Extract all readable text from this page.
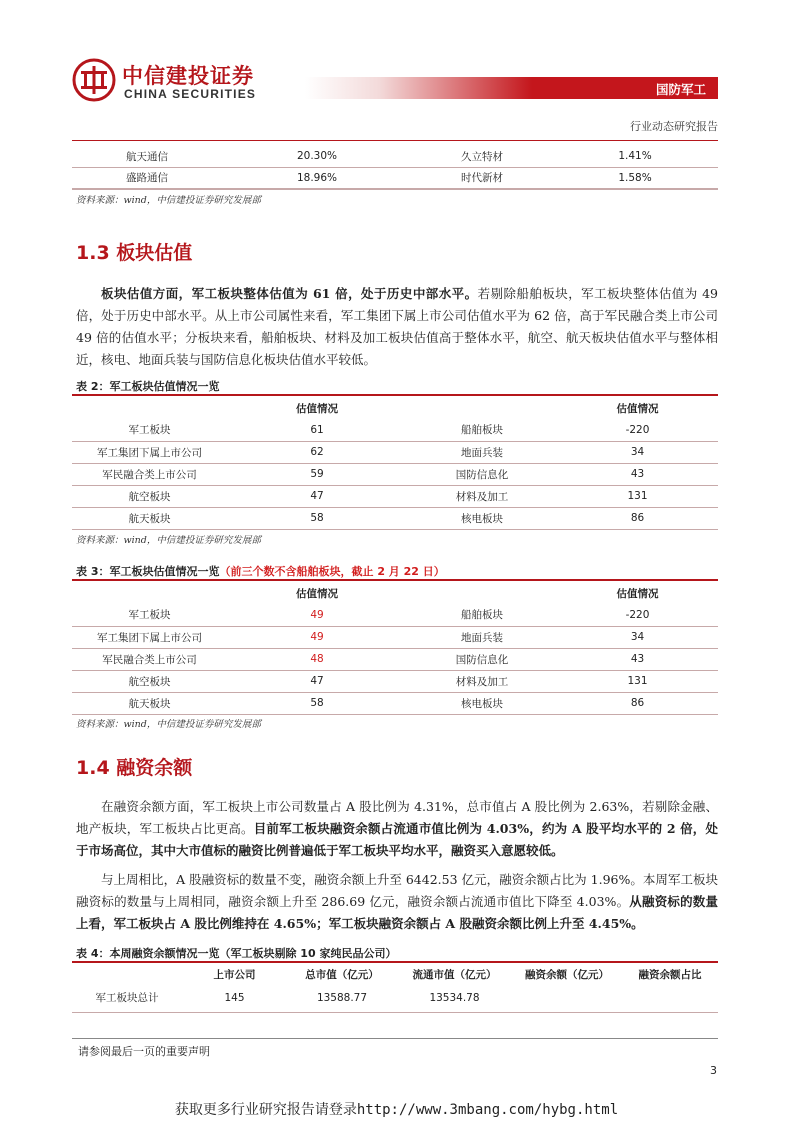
中信建投证券
CHINA SECURITIES	国防军工
行业动态研究报告
航天通信	20.30%	久立特材	1.41%
盛路通信	18.96%	时代新材	1.58%
资料来源：wind，中信建投证券研究发展部
1.3 板块估值
板块估值方面，军工板块整体估值为 61 倍，处于历史中部水平。若剔除船舶板块，军工板块整体估值为 49 倍，处于历史中部水平。从上市公司属性来看，军工集团下属上市公司估值水平为 62 倍，高于军民融合类上市公司 49 倍的估值水平；分板块来看，船舶板块、材料及加工板块估值高于整体水平，航空、航天板块估值水平与整体相近，核电、地面兵装与国防信息化板块估值水平较低。
表 2：军工板块估值情况一览
	估值情况		估值情况
军工板块	61	船舶板块	-220
军工集团下属上市公司	62	地面兵装	34
军民融合类上市公司	59	国防信息化	43
航空板块	47	材料及加工	131
航天板块	58	核电板块	86
资料来源：wind，中信建投证券研究发展部
表 3：军工板块估值情况一览（前三个数不含船舶板块，截止 2 月 22 日）
	估值情况		估值情况
军工板块	49	船舶板块	-220
军工集团下属上市公司	49	地面兵装	34
军民融合类上市公司	48	国防信息化	43
航空板块	47	材料及加工	131
航天板块	58	核电板块	86
资料来源：wind，中信建投证券研究发展部
1.4 融资余额
在融资余额方面，军工板块上市公司数量占 A 股比例为 4.31%，总市值占 A 股比例为 2.63%，若剔除金融、地产板块，军工板块占比更高。目前军工板块融资余额占流通市值比例为 4.03%，约为 A 股平均水平的 2 倍，处于市场高位，其中大市值标的融资比例普遍低于军工板块平均水平，融资买入意愿较低。
与上周相比，A 股融资标的数量不变，融资余额上升至 6442.53 亿元，融资余额占比为 1.96%。本周军工板块融资标的数量与上周相同，融资余额上升至 286.69 亿元，融资余额占流通市值比下降至 4.03%。从融资标的数量上看，军工板块占 A 股比例维持在 4.65%；军工板块融资余额占 A 股融资余额比例上升至 4.45%。
表 4：本周融资余额情况一览（军工板块剔除 10 家纯民品公司）
	上市公司	总市值（亿元）	流通市值（亿元）	融资余额（亿元）	融资余额占比
军工板块总计	145	13588.77	13534.78		
请参阅最后一页的重要声明
3
获取更多行业研究报告请登录http://www.3mbang.com/hybg.html
